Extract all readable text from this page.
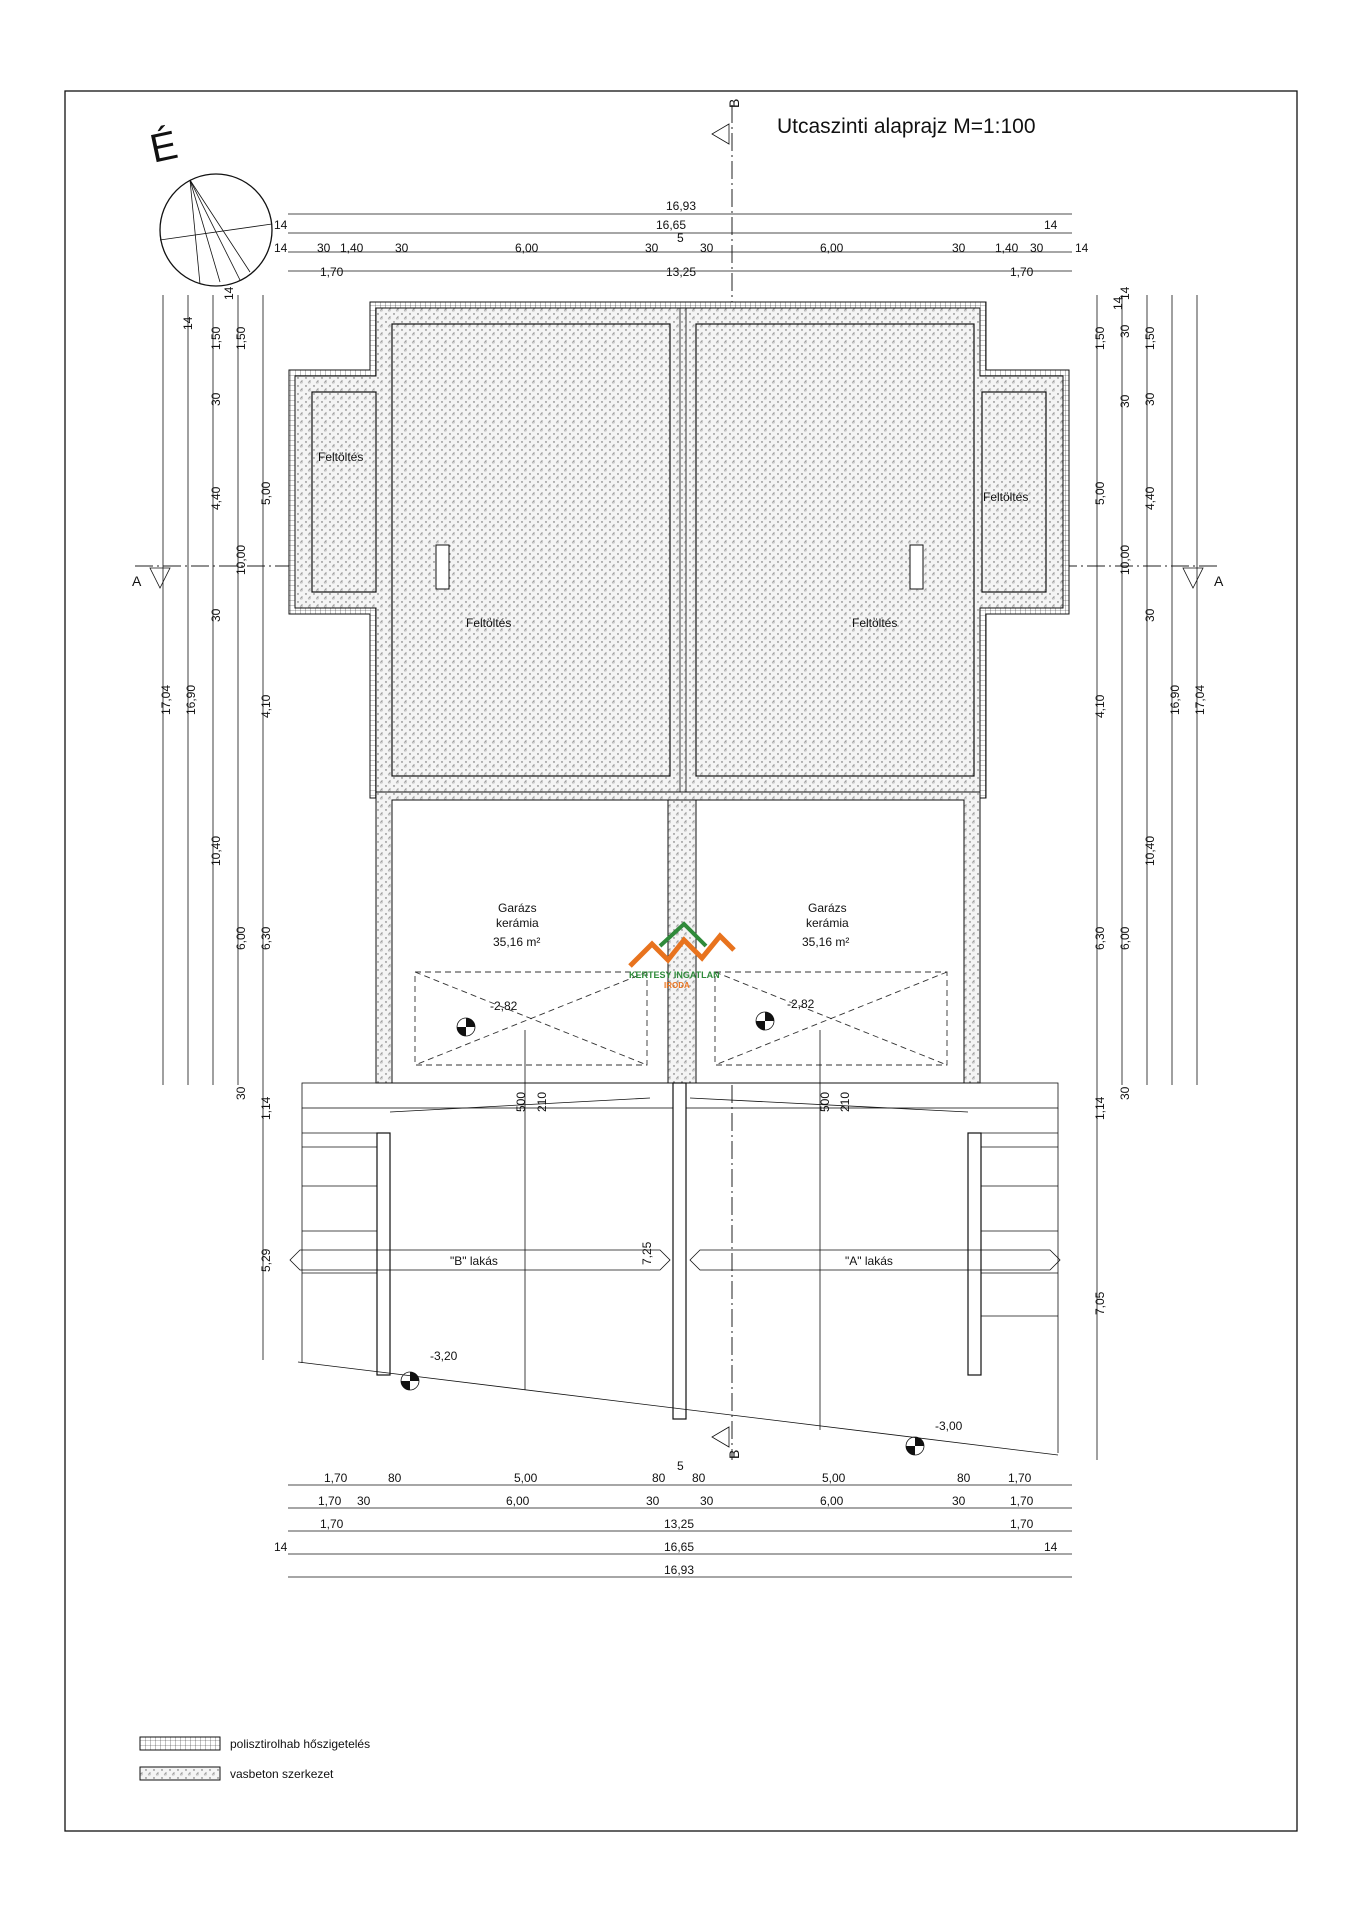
Utcaszinti alaprajz M=1:100
É
A	A
B
B
Feltöltés
Feltöltés
Feltöltés	Feltöltés
Garázs
kerámia
35,16 m²
Garázs
kerámia
35,16 m²
-2,82	-2,82
KERTESY INGATLAN
IRODA
"B" lakás	"A" lakás
-3,20
-3,00
7,25
500 210	500 210
16,93
14	16,65	14
14 30 1,40	30	6,00	30
5
30	6,00	30 1,40 30	14
1,70	13,25	1,70
1,70	80	5,00
5
80 80	5,00	80	1,70
1,70 30	6,00	30	30	6,00	30	1,70
1,70	13,25	1,70
14	16,65	14
16,93
17,04 16,90
14
1,50
30
4,40
30
10,40
6,00
30
1,50
5,00
10,00
4,10
6,30
1,14
5,29
14
17,04
16,90
14
1,50
30
4,40
30
10,40
6,00
30
1,50
5,00
10,00
4,10
6,30
1,14
7,05
14
30
30
polisztirolhab hőszigetelés
vasbeton szerkezet
